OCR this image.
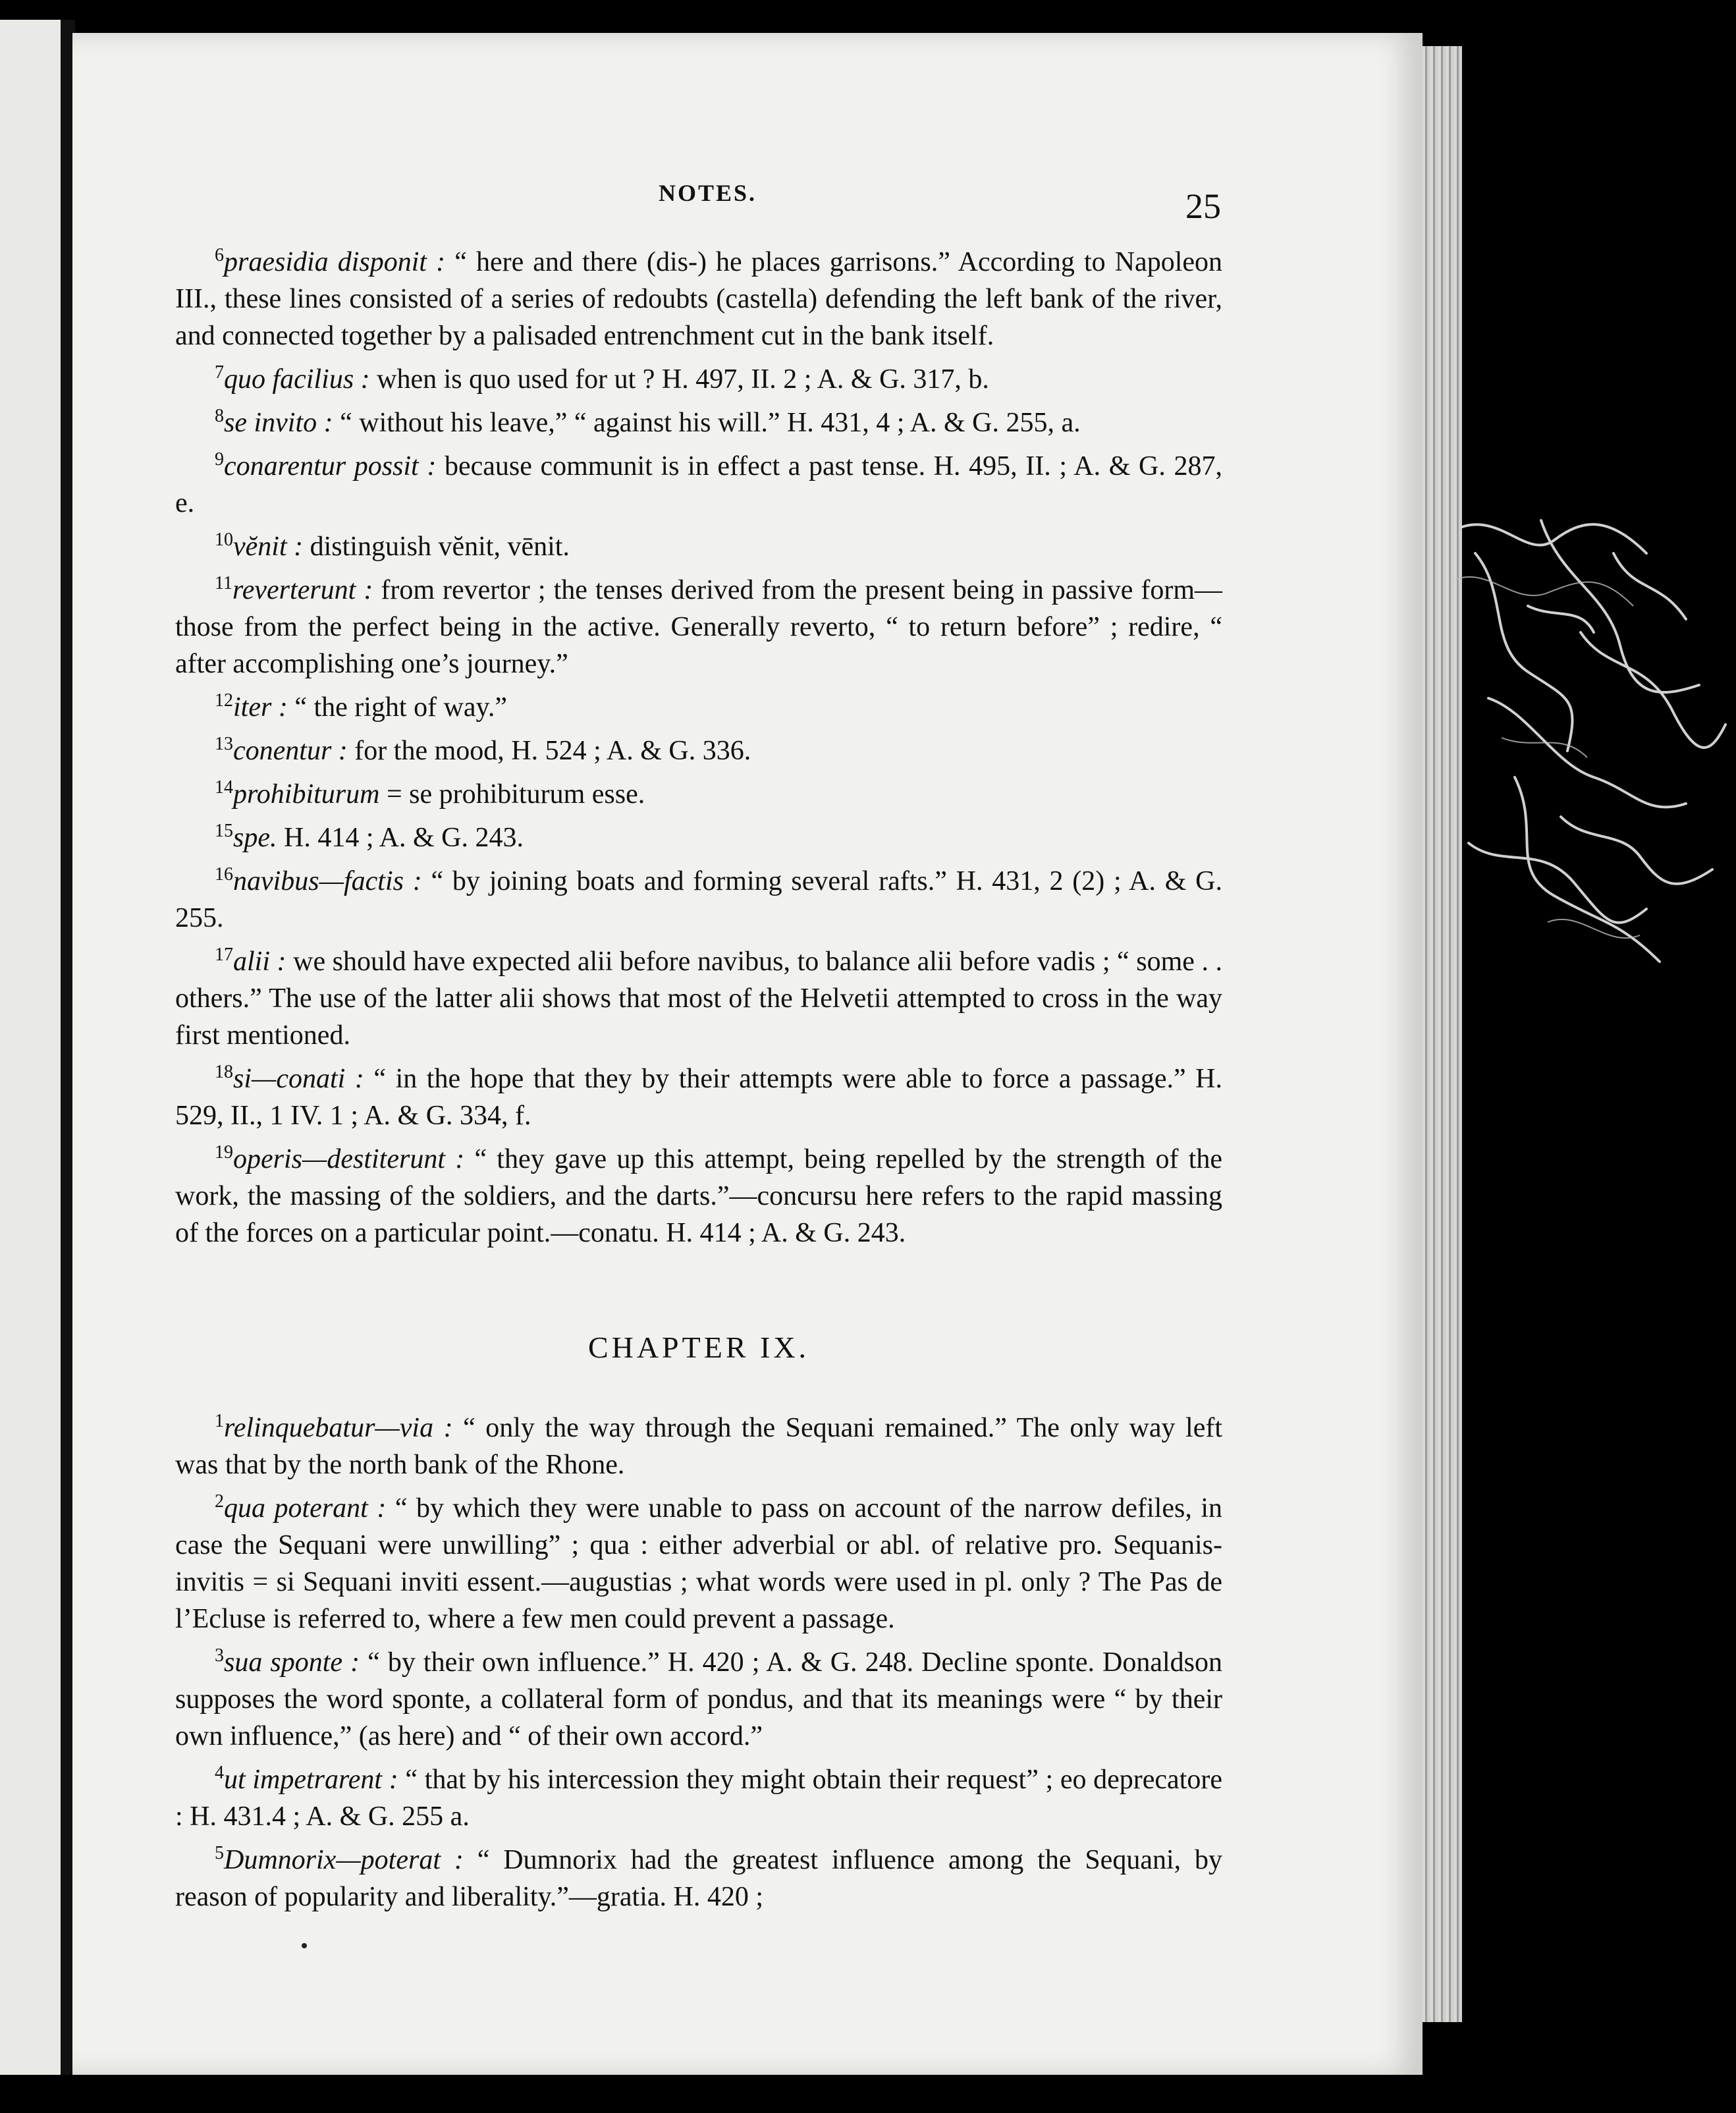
NOTES.	25

$^6$praesidia disponit : “ here and there (dis-) he places garrisons.” According to Napoleon III., these lines consisted of a series of redoubts (castella) defending the left bank of the river, and connected together by a palisaded entrenchment cut in the bank itself.

$^7$quo facilius : when is quo used for ut ? H. 497, II. 2 ; A. & G. 317, b.

$^8$se invito : “ without his leave,” “ against his will.” H. 431, 4 ; A. & G. 255, a.

$^9$conarentur possit : because communit is in effect a past tense. H. 495, II. ; A. & G. 287, e.

$^{10}$vĕnit : distinguish vĕnit, vēnit.

$^{11}$reverterunt : from revertor ; the tenses derived from the present being in passive form—those from the perfect being in the active. Generally reverto, “ to return before” ; redire, “ after accomplishing one’s journey.”

$^{12}$iter : “ the right of way.”

$^{13}$conentur : for the mood, H. 524 ; A. & G. 336.

$^{14}$prohibiturum = se prohibiturum esse.

$^{15}$spe. H. 414 ; A. & G. 243.

$^{16}$navibus—factis : “ by joining boats and forming several rafts.” H. 431, 2 (2) ; A. & G. 255.

$^{17}$alii : we should have expected alii before navibus, to balance alii before vadis ; “ some . . others.” The use of the latter alii shows that most of the Helvetii attempted to cross in the way first mentioned.

$^{18}$si—conati : “ in the hope that they by their attempts were able to force a passage.” H. 529, II., 1 IV. 1 ; A. & G. 334, f.

$^{19}$operis—destiterunt : “ they gave up this attempt, being repelled by the strength of the work, the massing of the soldiers, and the darts.”—concursu here refers to the rapid massing of the forces on a particular point.—conatu. H. 414 ; A. & G. 243.

CHAPTER IX.

$^1$relinquebatur—via : “ only the way through the Sequani remained.” The only way left was that by the north bank of the Rhone.

$^2$qua poterant : “ by which they were unable to pass on account of the narrow defiles, in case the Sequani were unwilling” ; qua : either adverbial or abl. of relative pro. Sequanis-invitis = si Sequani inviti essent.—augustias ; what words were used in pl. only ? The Pas de l’Ecluse is referred to, where a few men could prevent a passage.

$^3$sua sponte : “ by their own influence.” H. 420 ; A. & G. 248. Decline sponte. Donaldson supposes the word sponte, a collateral form of pondus, and that its meanings were “ by their own influence,” (as here) and “ of their own accord.”

$^4$ut impetrarent : “ that by his intercession they might obtain their request” ; eo deprecatore : H. 431.4 ; A. & G. 255 a.

$^5$Dumnorix—poterat : “ Dumnorix had the greatest influence among the Sequani, by reason of popularity and liberality.”—gratia. H. 420 ;
